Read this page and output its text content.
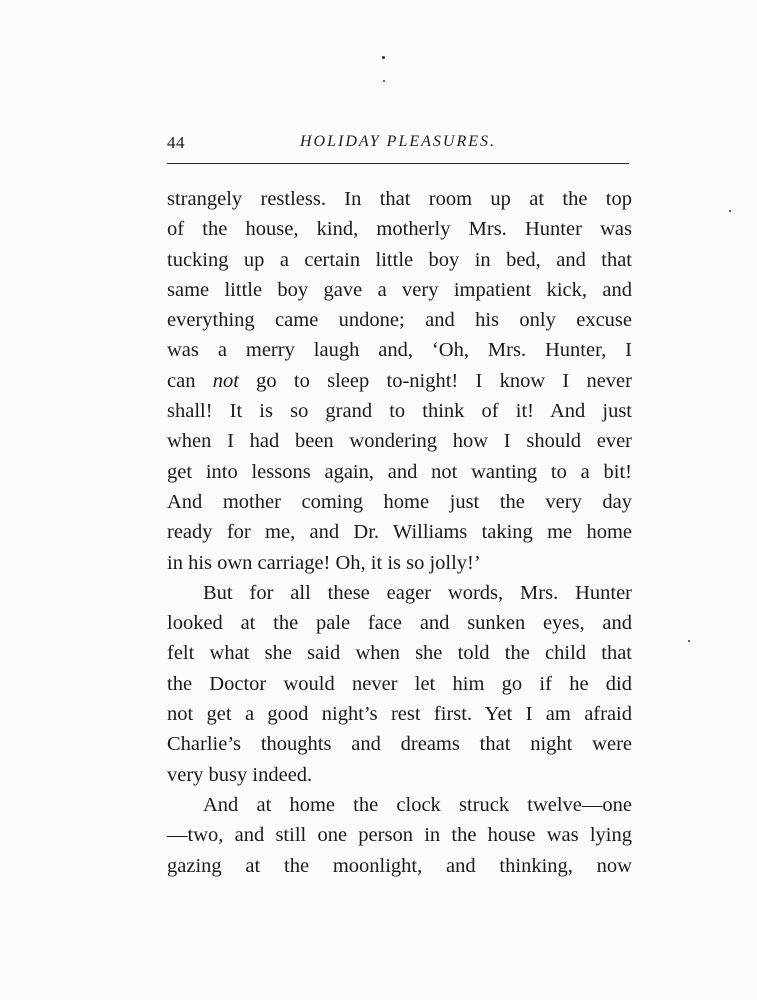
44	HOLIDAY PLEASURES.
strangely restless. In that room up at the top
of the house, kind, motherly Mrs. Hunter was
tucking up a certain little boy in bed, and that
same little boy gave a very impatient kick, and
everything came undone; and his only excuse
was a merry laugh and, ‘Oh, Mrs. Hunter, I
can not go to sleep to-night! I know I never
shall! It is so grand to think of it! And just
when I had been wondering how I should ever
get into lessons again, and not wanting to a bit!
And mother coming home just the very day
ready for me, and Dr. Williams taking me home
in his own carriage! Oh, it is so jolly!’
But for all these eager words, Mrs. Hunter
looked at the pale face and sunken eyes, and
felt what she said when she told the child that
the Doctor would never let him go if he did
not get a good night’s rest first. Yet I am afraid
Charlie’s thoughts and dreams that night were
very busy indeed.
And at home the clock struck twelve—one
—two, and still one person in the house was lying
gazing at the moonlight, and thinking, now
